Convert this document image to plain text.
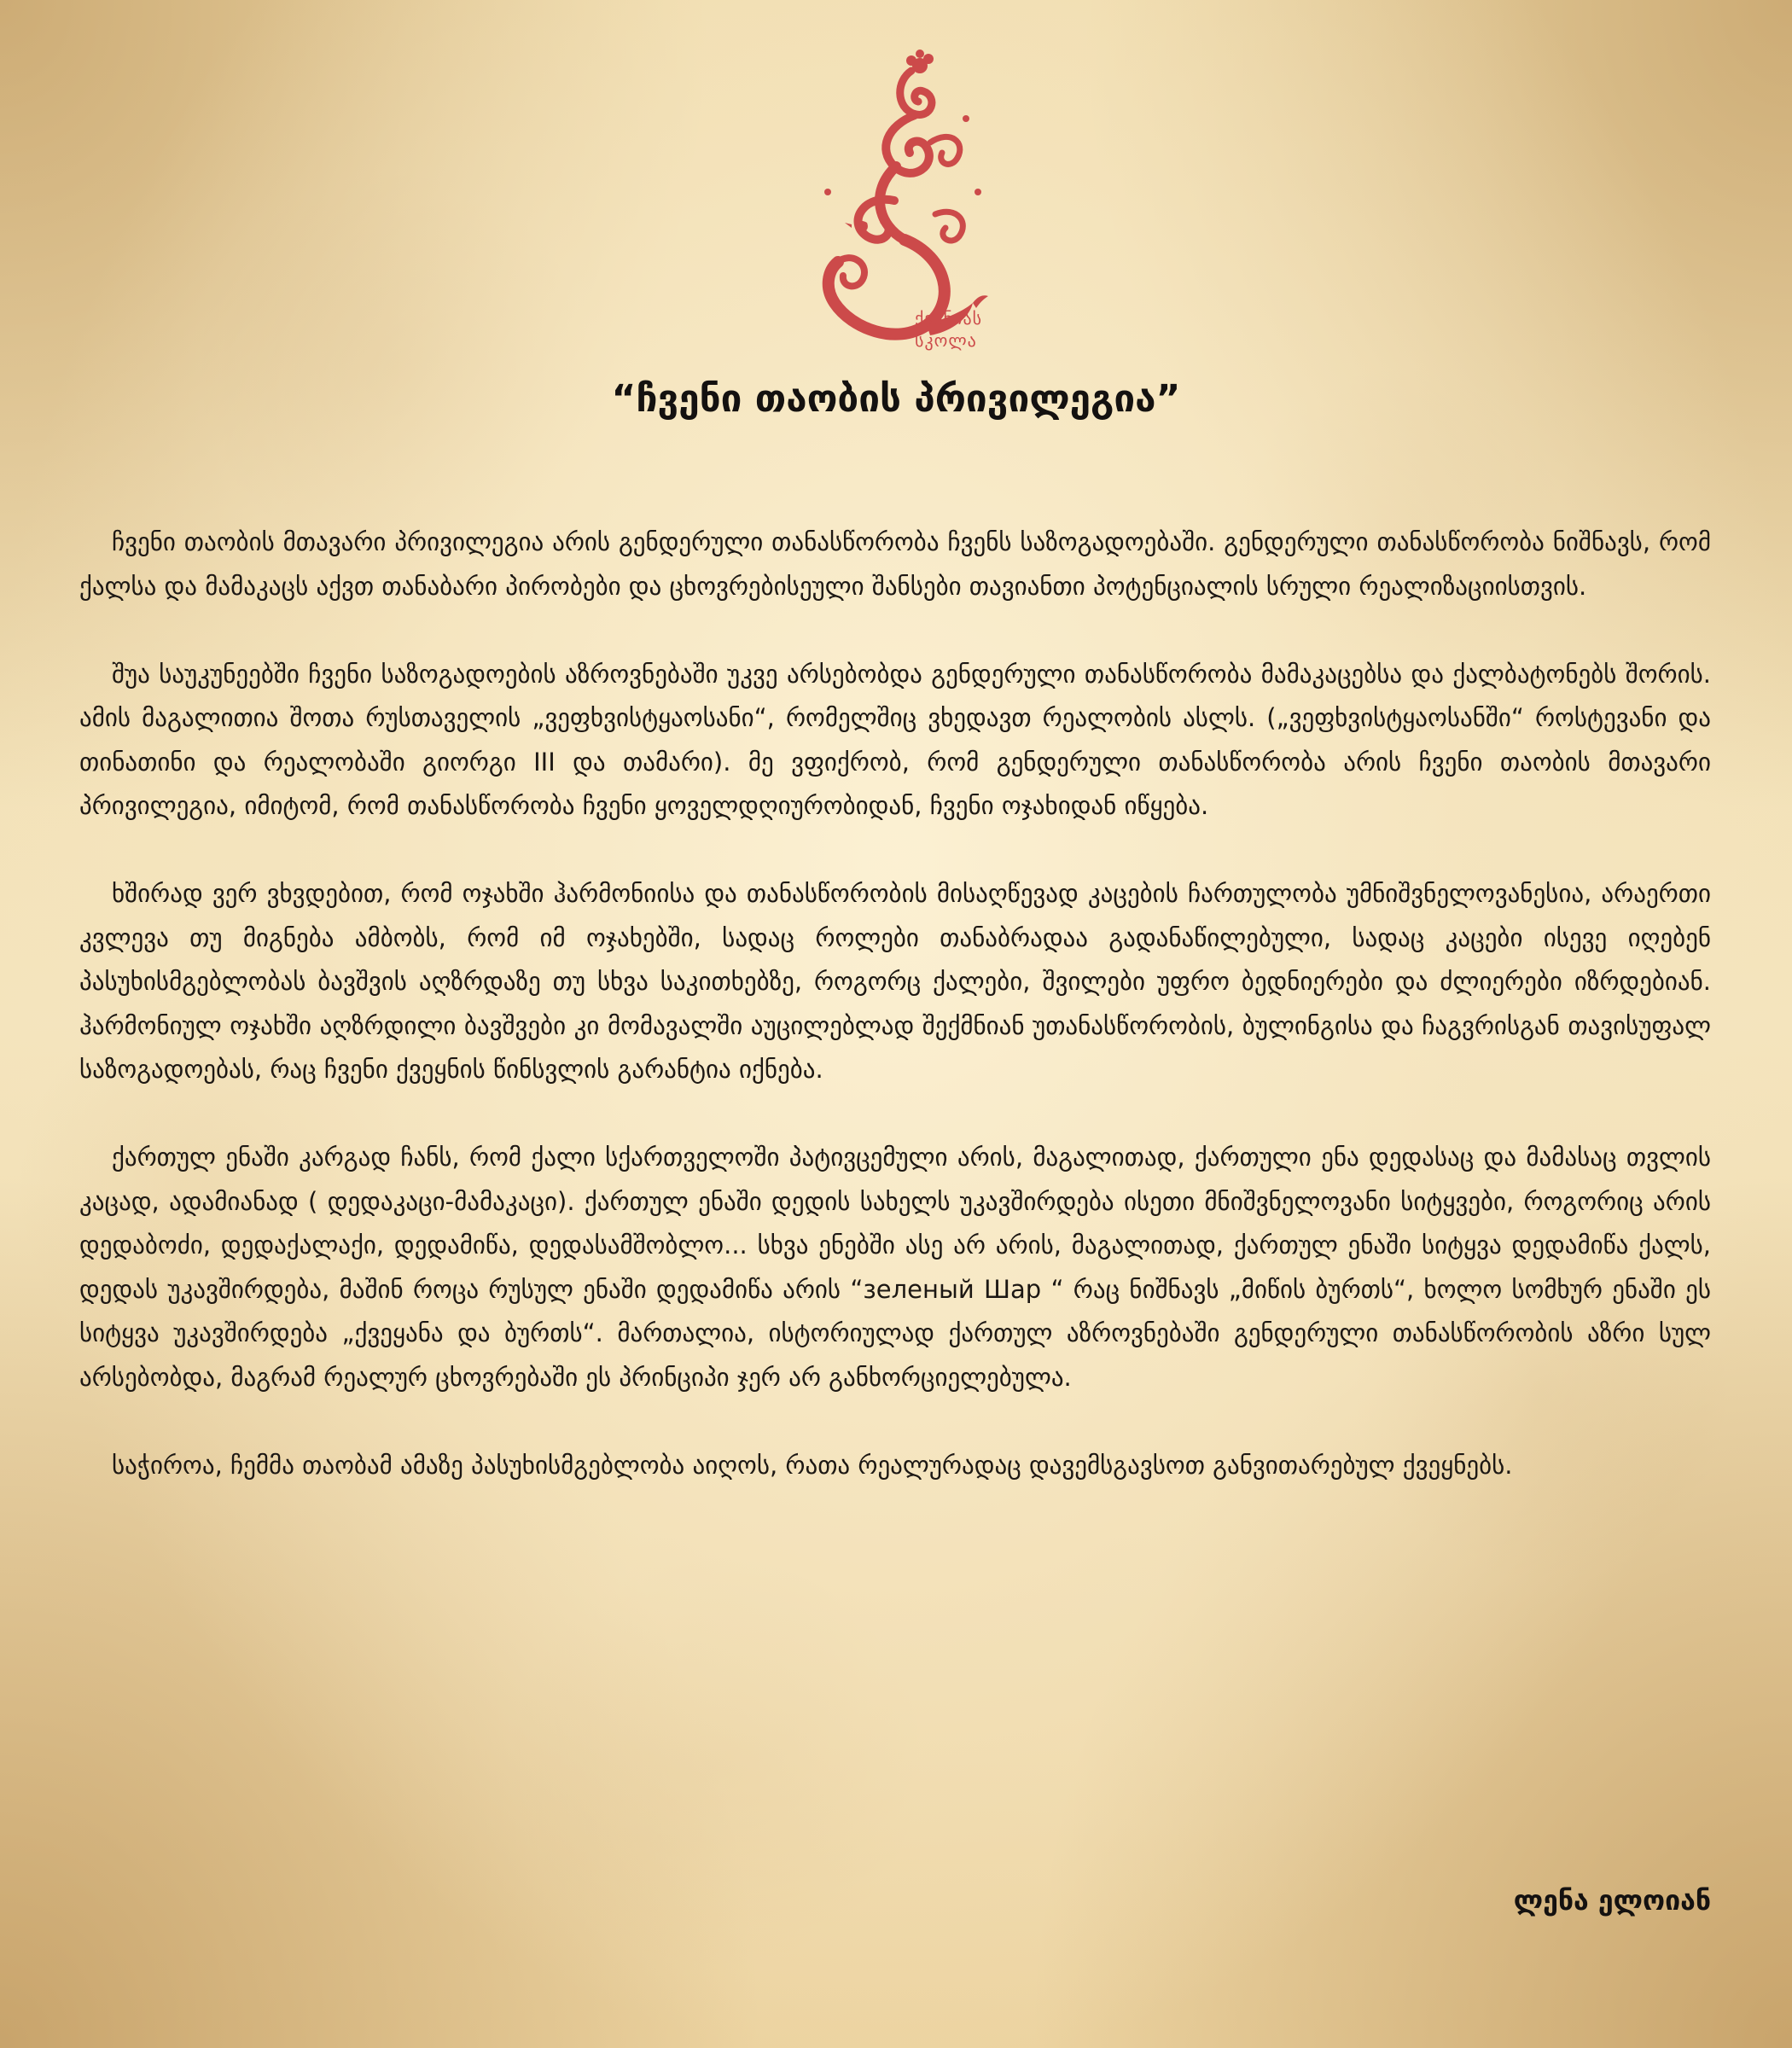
ქვანიას
სკოლა
“ჩვენი თაობის პრივილეგია”

ჩვენი თაობის მთავარი პრივილეგია არის გენდერული თანასწორობა ჩვენს საზოგადოებაში. გენდერული თანასწორობა ნიშნავს, რომ ქალსა და მამაკაცს აქვთ თანაბარი პირობები და ცხოვრებისეული შანსები თავიანთი პოტენციალის სრული რეალიზაციისთვის.

შუა საუკუნეებში ჩვენი საზოგადოების აზროვნებაში უკვე არსებობდა გენდერული თანასწორობა მამაკაცებსა და ქალბატონებს შორის. ამის მაგალითია შოთა რუსთაველის „ვეფხვისტყაოსანი“, რომელშიც ვხედავთ რეალობის ასლს. („ვეფხვისტყაოსანში“ როსტევანი და თინათინი და რეალობაში გიორგი III და თამარი). მე ვფიქრობ, რომ გენდერული თანასწორობა არის ჩვენი თაობის მთავარი პრივილეგია, იმიტომ, რომ თანასწორობა ჩვენი ყოველდღიურობიდან, ჩვენი ოჯახიდან იწყება.

ხშირად ვერ ვხვდებით, რომ ოჯახში ჰარმონიისა და თანასწორობის მისაღწევად კაცების ჩართულობა უმნიშვნელოვანესია, არაერთი კვლევა თუ მიგნება ამბობს, რომ იმ ოჯახებში, სადაც როლები თანაბრადაა გადანაწილებული, სადაც კაცები ისევე იღებენ პასუხისმგებლობას ბავშვის აღზრდაზე თუ სხვა საკითხებზე, როგორც ქალები, შვილები უფრო ბედნიერები და ძლიერები იზრდებიან. ჰარმონიულ ოჯახში აღზრდილი ბავშვები კი მომავალში აუცილებლად შექმნიან უთანასწორობის, ბულინგისა და ჩაგვრისგან თავისუფალ საზოგადოებას, რაც ჩვენი ქვეყნის წინსვლის გარანტია იქნება.

ქართულ ენაში კარგად ჩანს, რომ ქალი სქართველოში პატივცემული არის, მაგალითად, ქართული ენა დედასაც და მამასაც თვლის კაცად, ადამიანად ( დედაკაცი-მამაკაცი). ქართულ ენაში დედის სახელს უკავშირდება ისეთი მნიშვნელოვანი სიტყვები, როგორიც არის დედაბოძი, დედაქალაქი, დედამიწა, დედასამშობლო... სხვა ენებში ასე არ არის, მაგალითად, ქართულ ენაში სიტყვა დედამიწა ქალს, დედას უკავშირდება, მაშინ როცა რუსულ ენაში დედამიწა არის “зеленый Шар “ რაც ნიშნავს „მიწის ბურთს“, ხოლო სომხურ ენაში ეს სიტყვა უკავშირდება „ქვეყანა და ბურთს“. მართალია, ისტორიულად ქართულ აზროვნებაში გენდერული თანასწორობის აზრი სულ არსებობდა, მაგრამ რეალურ ცხოვრებაში ეს პრინციპი ჯერ არ განხორციელებულა.

საჭიროა, ჩემმა თაობამ ამაზე პასუხისმგებლობა აიღოს, რათა რეალურადაც დავემსგავსოთ განვითარებულ ქვეყნებს.

ლენა ელოიან
